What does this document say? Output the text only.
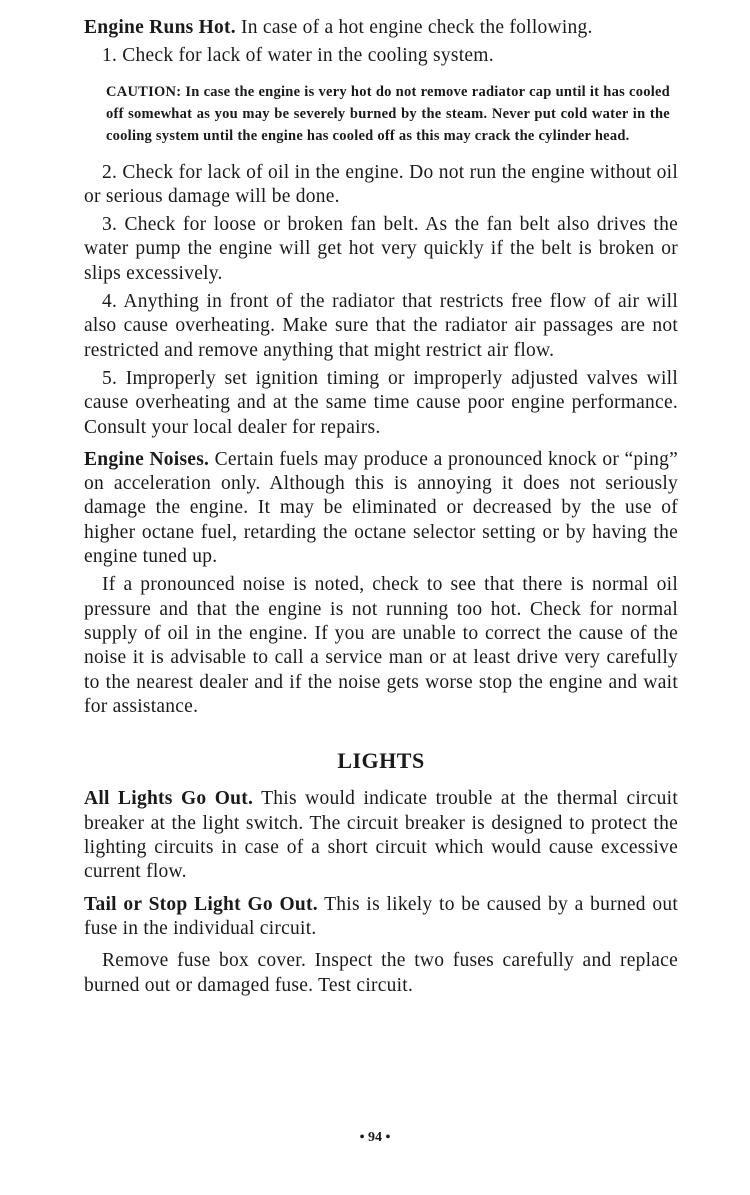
Engine Runs Hot. In case of a hot engine check the following.

1. Check for lack of water in the cooling system.

CAUTION: In case the engine is very hot do not remove radiator cap until it has cooled off somewhat as you may be severely burned by the steam. Never put cold water in the cooling system until the engine has cooled off as this may crack the cylinder head.

2. Check for lack of oil in the engine. Do not run the engine without oil or serious damage will be done.

3. Check for loose or broken fan belt. As the fan belt also drives the water pump the engine will get hot very quickly if the belt is broken or slips excessively.

4. Anything in front of the radiator that restricts free flow of air will also cause overheating. Make sure that the radiator air passages are not restricted and remove anything that might restrict air flow.

5. Improperly set ignition timing or improperly adjusted valves will cause overheating and at the same time cause poor engine performance. Consult your local dealer for repairs.

Engine Noises. Certain fuels may produce a pronounced knock or “ping” on acceleration only. Although this is annoying it does not seriously damage the engine. It may be eliminated or decreased by the use of higher octane fuel, retarding the octane selector setting or by having the engine tuned up.

If a pronounced noise is noted, check to see that there is normal oil pressure and that the engine is not running too hot. Check for normal supply of oil in the engine. If you are unable to correct the cause of the noise it is advisable to call a service man or at least drive very carefully to the nearest dealer and if the noise gets worse stop the engine and wait for assistance.

LIGHTS

All Lights Go Out. This would indicate trouble at the thermal circuit breaker at the light switch. The circuit breaker is designed to protect the lighting circuits in case of a short circuit which would cause excessive current flow.

Tail or Stop Light Go Out. This is likely to be caused by a burned out fuse in the individual circuit.

Remove fuse box cover. Inspect the two fuses carefully and replace burned out or damaged fuse. Test circuit.

• 94 •
